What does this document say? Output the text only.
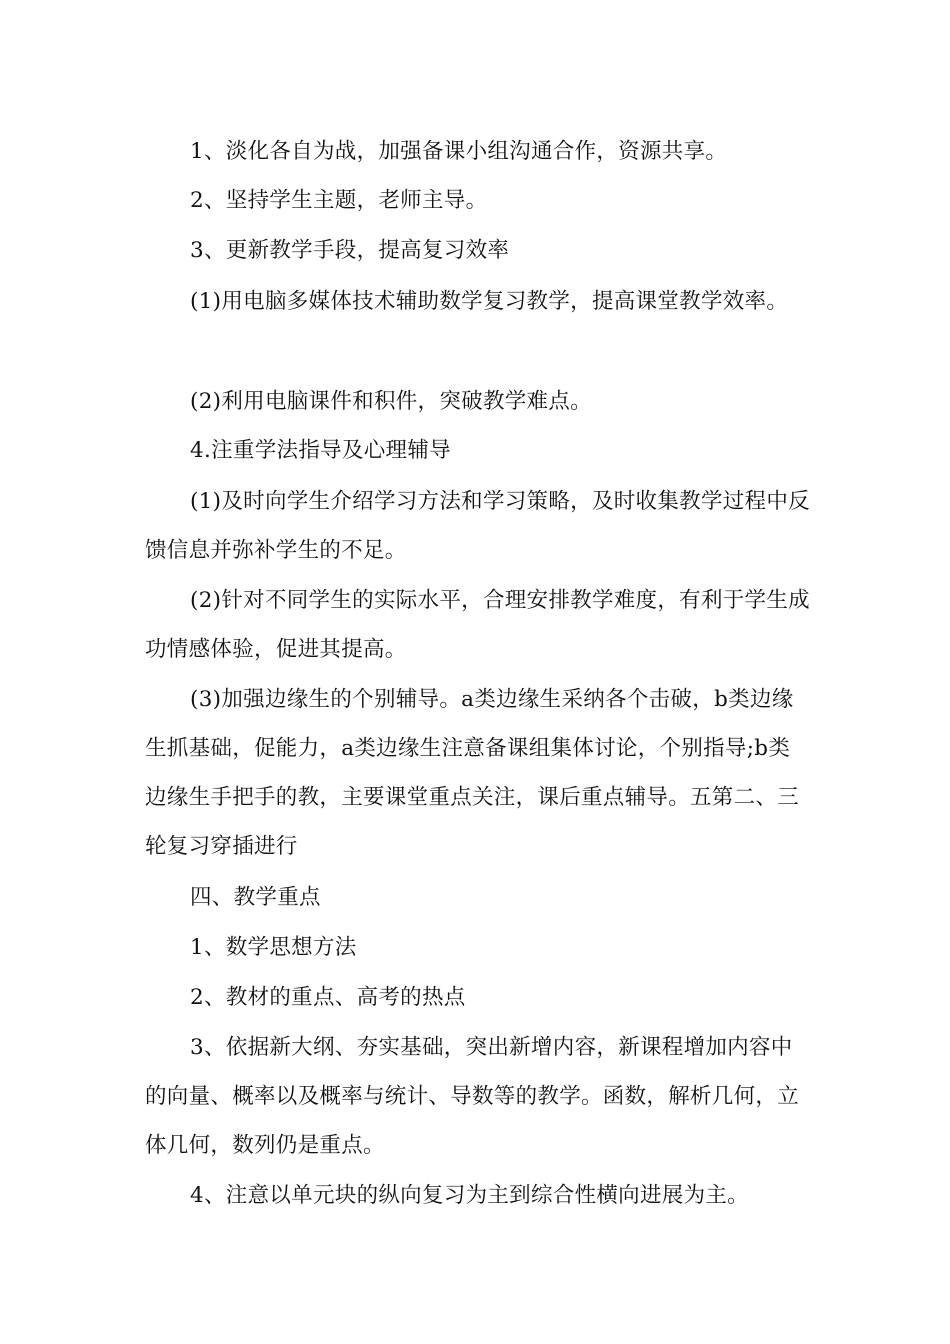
1、淡化各自为战，加强备课小组沟通合作，资源共享。

2、坚持学生主题，老师主导。

3、更新教学手段，提高复习效率

(1)用电脑多媒体技术辅助数学复习教学，提高课堂教学效率。

(2)利用电脑课件和积件，突破教学难点。

4.注重学法指导及心理辅导

(1)及时向学生介绍学习方法和学习策略，及时收集教学过程中反馈信息并弥补学生的不足。

(2)针对不同学生的实际水平，合理安排教学难度，有利于学生成功情感体验，促进其提高。

(3)加强边缘生的个别辅导。a类边缘生采纳各个击破，b类边缘生抓基础，促能力，a类边缘生注意备课组集体讨论，个别指导;b类边缘生手把手的教，主要课堂重点关注，课后重点辅导。五第二、三轮复习穿插进行

四、教学重点

1、数学思想方法

2、教材的重点、高考的热点

3、依据新大纲、夯实基础，突出新增内容，新课程增加内容中的向量、概率以及概率与统计、导数等的教学。函数，解析几何，立体几何，数列仍是重点。

4、注意以单元块的纵向复习为主到综合性横向进展为主。
